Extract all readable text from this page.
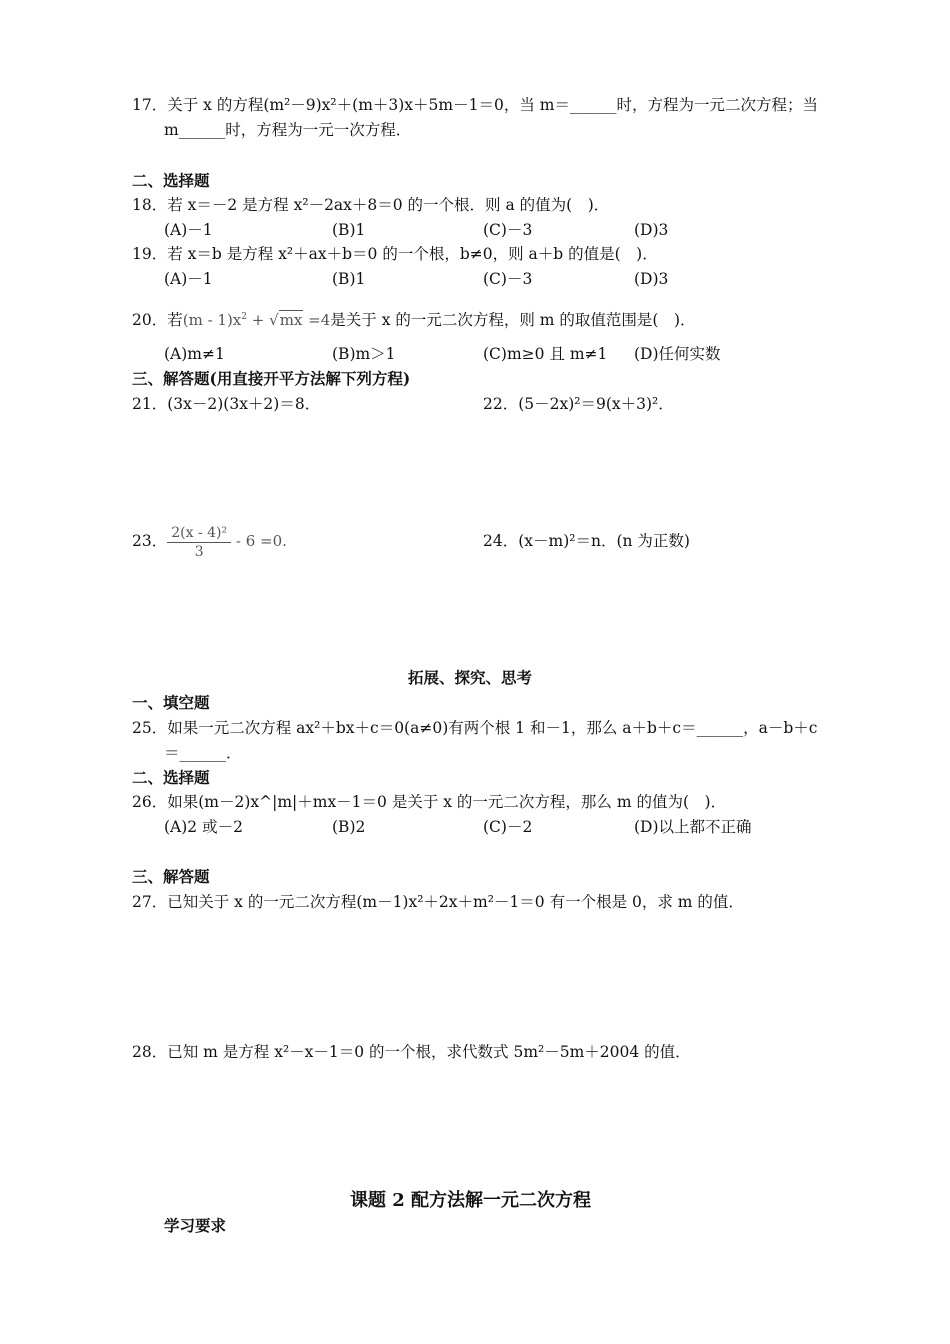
17．关于 x 的方程(m²－9)x²＋(m＋3)x＋5m－1＝0，当 m＝______时，方程为一元二次方程；当
m______时，方程为一元一次方程．
二、选择题
18．若 x＝－2 是方程 x²－2ax＋8＝0 的一个根．则 a 的值为(　)．
(A)－1	(B)1	(C)－3	(D)3
19．若 x＝b 是方程 x²＋ax＋b＝0 的一个根，b≠0，则 a＋b 的值是(　)．
(A)－1	(B)1	(C)－3	(D)3
20．若$(m - 1)x^2 + √mx =4$是关于 x 的一元二次方程，则 m 的取值范围是(　)．
(A)m≠1	(B)m＞1	(C)m≥0 且 m≠1 (D)任何实数
三、解答题(用直接开平方法解下列方程)
21．(3x－2)(3x＋2)＝8．	22．(5－2x)²＝9(x＋3)²．
23． $\frac{\text{2(x - 4)²}}{3} - 6 =0$.	24．(x－m)²＝n．(n 为正数)
拓展、探究、思考
一、填空题
25．如果一元二次方程 ax²＋bx＋c＝0(a≠0)有两个根 1 和－1，那么 a＋b＋c＝______，a－b＋c
＝______．
二、选择题
26．如果(m－2)x^|m|＋mx－1＝0 是关于 x 的一元二次方程，那么 m 的值为(　)．
(A)2 或－2	(B)2	(C)－2	(D)以上都不正确
三、解答题
27．已知关于 x 的一元二次方程(m－1)x²＋2x＋m²－1＝0 有一个根是 0，求 m 的值．
28．已知 m 是方程 x²－x－1＝0 的一个根，求代数式 5m²－5m＋2004 的值．
课题 2 配方法解一元二次方程
学习要求
